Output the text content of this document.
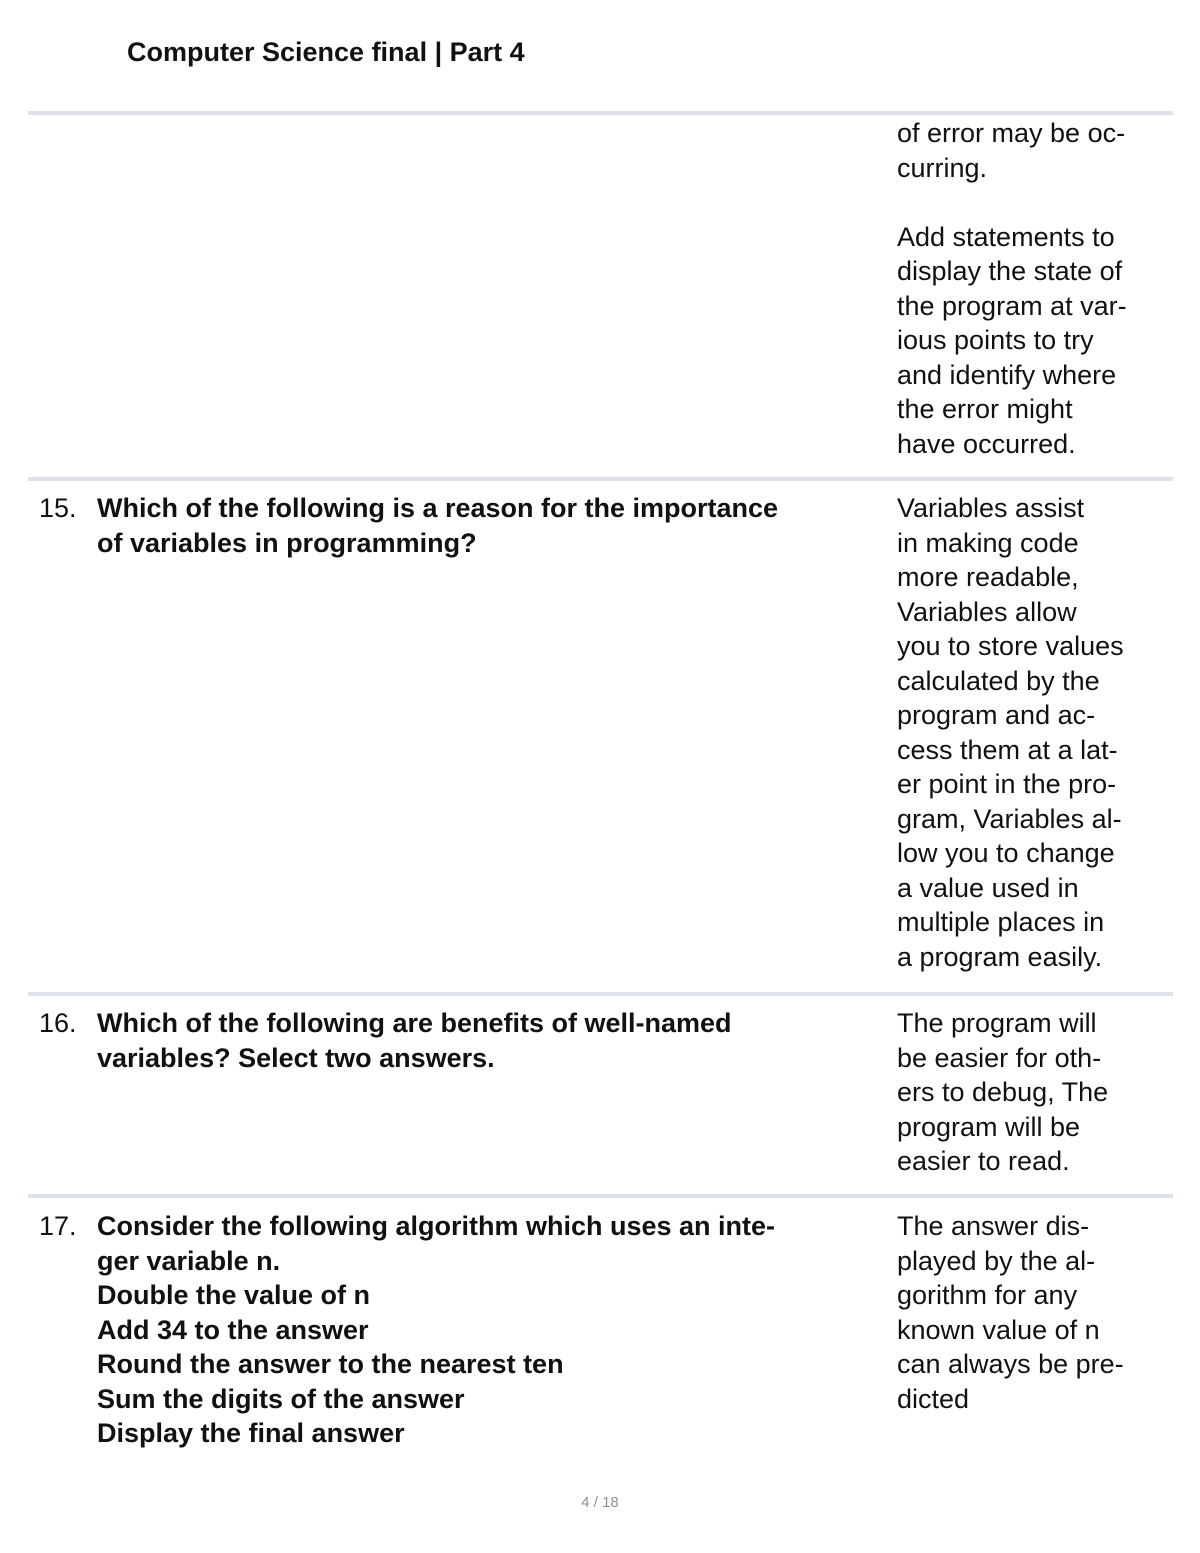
Computer Science final | Part 4

of error may be oc-
curring.

Add statements to
display the state of
the program at var-
ious points to try
and identify where
the error might
have occurred.

15. Which of the following is a reason for the importance
of variables in programming?
Variables assist
in making code
more readable,
Variables allow
you to store values
calculated by the
program and ac-
cess them at a lat-
er point in the pro-
gram, Variables al-
low you to change
a value used in
multiple places in
a program easily.
16. Which of the following are benefits of well-named
variables? Select two answers.
The program will
be easier for oth-
ers to debug, The
program will be
easier to read.
17. Consider the following algorithm which uses an inte-
ger variable n.
Double the value of n
Add 34 to the answer
Round the answer to the nearest ten
Sum the digits of the answer
Display the final answer
The answer dis-
played by the al-
gorithm for any
known value of n
can always be pre-
dicted
4 / 18
